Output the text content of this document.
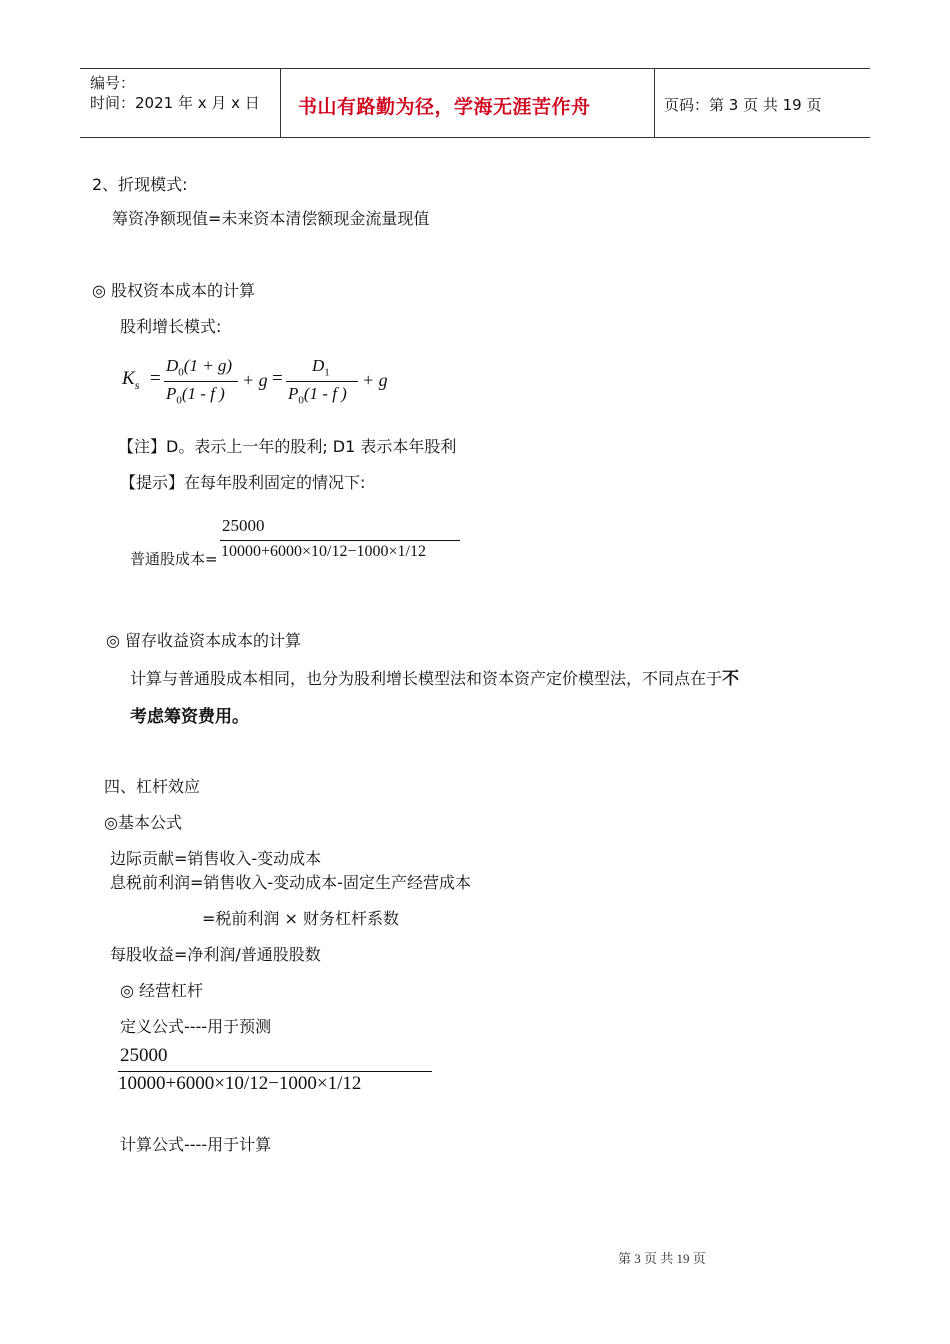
编号：
时间：2021 年 x 月 x 日 书山有路勤为径，学海无涯苦作舟	页码：第 3 页 共 19 页
2、折现模式:
筹资净额现值=未来资本清偿额现金流量现值
◎ 股权资本成本的计算
股利增长模式:
$K_s$ =
$D_0(1 + g)$
$P_0(1$ - f )
+ g =
$D_1$
$P_0(1$ - f )
+ g
【注】D。表示上一年的股利; D1 表示本年股利
【提示】在每年股利固定的情况下:
25000
普通股成本= 10000+6000×10/12−1000×1/12
◎ 留存收益资本成本的计算
计算与普通股成本相同，也分为股利增长模型法和资本资产定价模型法，不同点在于不
考虑筹资费用。
四、杠杆效应
◎基本公式
边际贡献=销售收入-变动成本
息税前利润=销售收入-变动成本-固定生产经营成本
=税前利润 × 财务杠杆系数
每股收益=净利润/普通股股数
◎ 经营杠杆
定义公式----用于预测
25000
10000+6000×10/12−1000×1/12
计算公式----用于计算
第 3 页 共 19 页
